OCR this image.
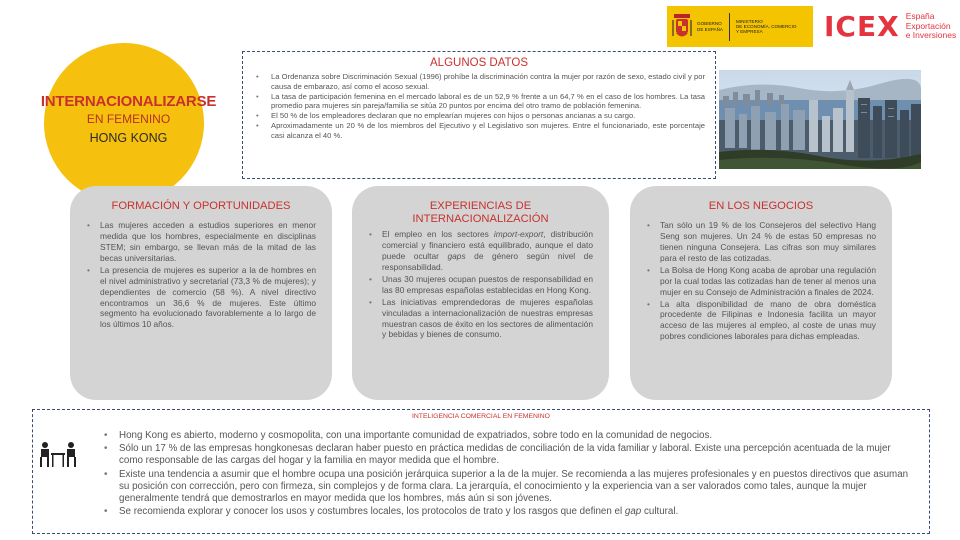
GOBIERNO
DE ESPAÑA
MINISTERIO
DE ECONOMÍA, COMERCIO
Y EMPRESA	ICEX España
Exportación
e Inversiones
INTERNACIONALIZARSE
EN FEMENINO
HONG KONG
ALGUNOS DATOS
• La Ordenanza sobre Discriminación Sexual (1996) prohíbe la discriminación contra la mujer por razón de sexo, estado civil y por causa de embarazo, así como el acoso sexual.
• La tasa de participación femenina en el mercado laboral es de un 52,9 % frente a un 64,7 % en el caso de los hombres. La tasa promedio para mujeres sin pareja/familia se sitúa 20 puntos por encima del otro tramo de población femenina.
• El 50 % de los empleadores declaran que no emplearían mujeres con hijos o personas ancianas a su cargo.
• Aproximadamente un 20 % de los miembros del Ejecutivo y el Legislativo son mujeres. Entre el funcionariado, este porcentaje casi alcanza el 40 %.
FORMACIÓN Y OPORTUNIDADES
• Las mujeres acceden a estudios superiores en menor medida que los hombres, especialmente en disciplinas STEM; sin embargo, se llevan más de la mitad de las becas universitarias.
• La presencia de mujeres es superior a la de hombres en el nivel administrativo y secretarial (73,3 % de mujeres); y dependientes de comercio (58 %). A nivel directivo encontramos un 36,6 % de mujeres. Este último segmento ha evolucionado favorablemente a lo largo de los últimos 10 años.
EXPERIENCIAS DE INTERNACIONALIZACIÓN
• El empleo en los sectores import-export, distribución comercial y financiero está equilibrado, aunque el dato puede ocultar gaps de género según nivel de responsabilidad.
• Unas 30 mujeres ocupan puestos de responsabilidad en las 80 empresas españolas establecidas en Hong Kong.
• Las iniciativas emprendedoras de mujeres españolas vinculadas a internacionalización de nuestras empresas muestran casos de éxito en los sectores de alimentación y bebidas y bienes de consumo.
EN LOS NEGOCIOS
• Tan sólo un 19 % de los Consejeros del selectivo Hang Seng son mujeres. Un 24 % de estas 50 empresas no tienen ninguna Consejera. Las cifras son muy similares para el resto de las cotizadas.
• La Bolsa de Hong Kong acaba de aprobar una regulación por la cual todas las cotizadas han de tener al menos una mujer en su Consejo de Administración a finales de 2024.
• La alta disponibilidad de mano de obra doméstica procedente de Filipinas e Indonesia facilita un mayor acceso de las mujeres al empleo, al coste de unas muy pobres condiciones laborales para dichas empleadas.
INTELIGENCIA COMERCIAL EN FEMENINO
• Hong Kong es abierto, moderno y cosmopolita, con una importante comunidad de expatriados, sobre todo en la comunidad de negocios.
• Sólo un 17 % de las empresas hongkonesas declaran haber puesto en práctica medidas de conciliación de la vida familiar y laboral. Existe una percepción acentuada de la mujer como responsable de las cargas del hogar y la familia en mayor medida que el hombre.
• Existe una tendencia a asumir que el hombre ocupa una posición jerárquica superior a la de la mujer. Se recomienda a las mujeres profesionales y en puestos directivos que asuman su posición con corrección, pero con firmeza, sin complejos y de forma clara. La jerarquía, el conocimiento y la experiencia van a ser valorados como tales, aunque la mujer generalmente tendrá que demostrarlos en mayor medida que los hombres, más aún si son jóvenes.
• Se recomienda explorar y conocer los usos y costumbres locales, los protocolos de trato y los rasgos que definen el gap cultural.
